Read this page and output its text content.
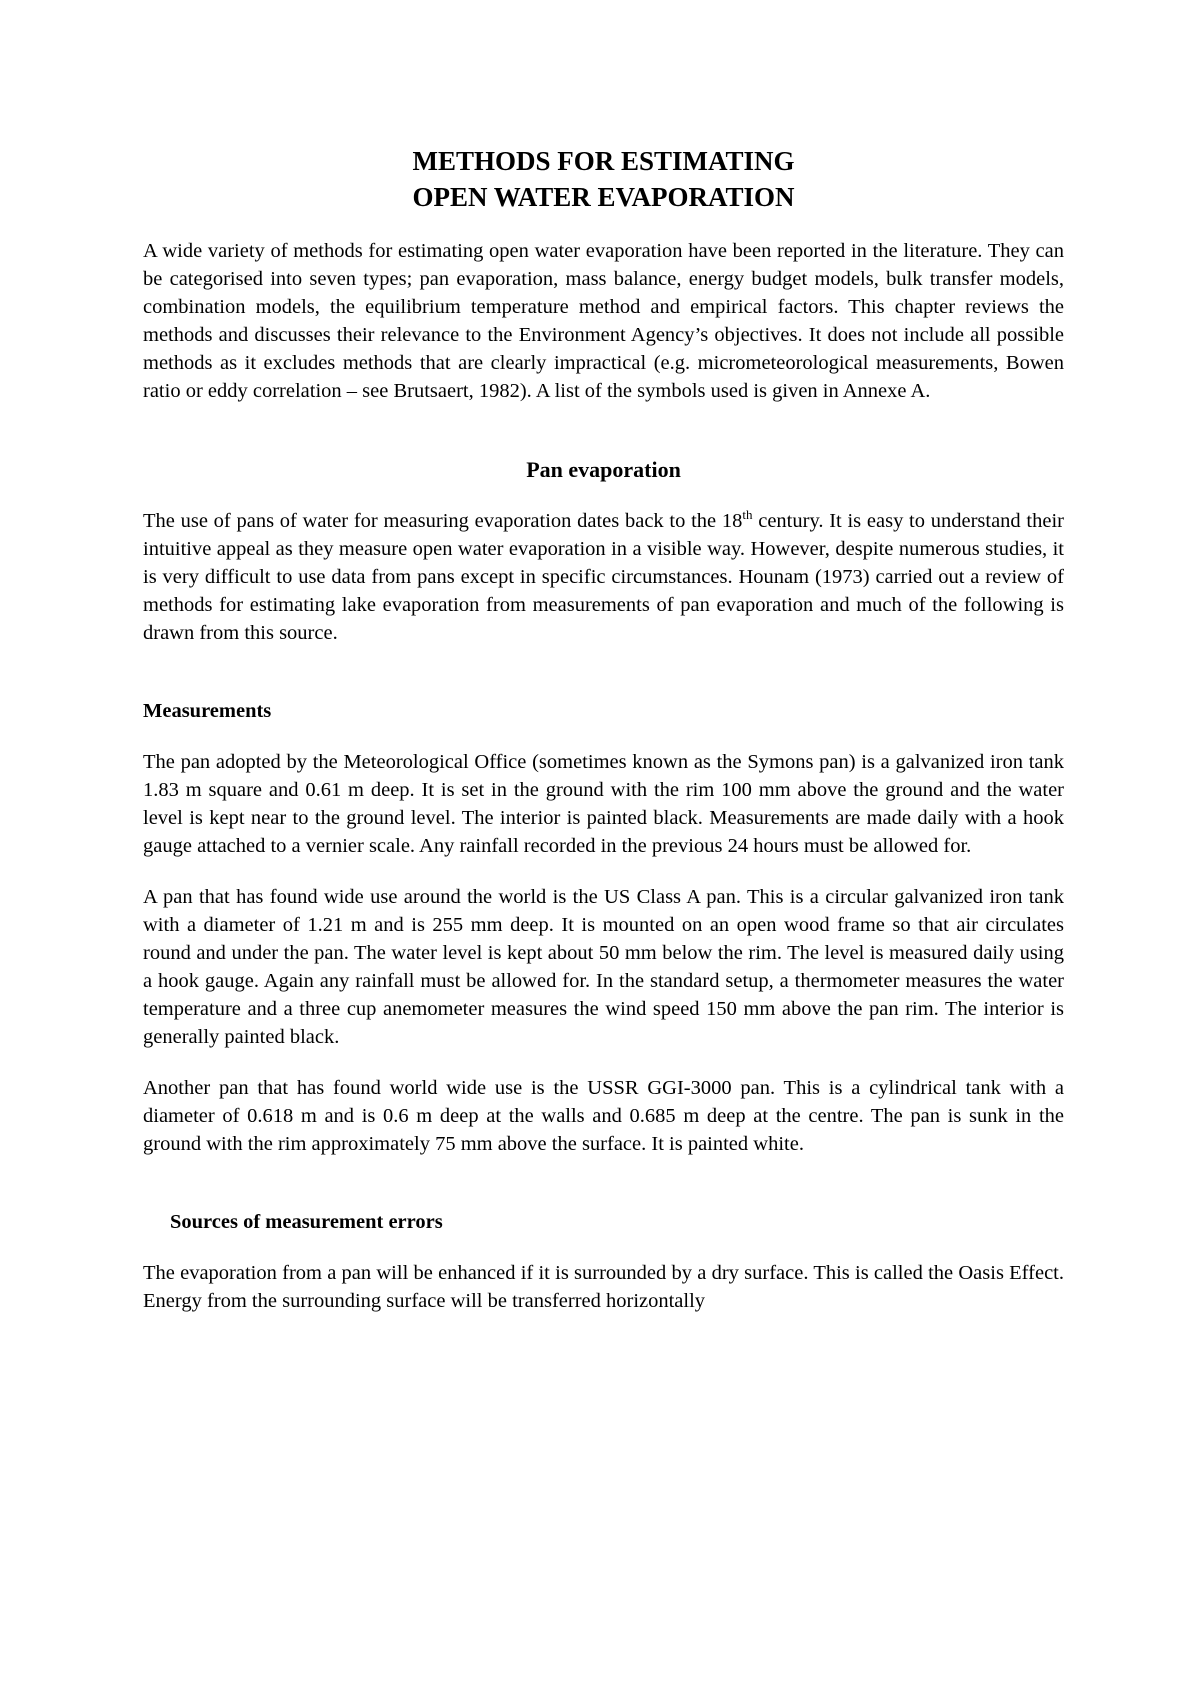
METHODS FOR ESTIMATING
OPEN WATER EVAPORATION

A wide variety of methods for estimating open water evaporation have been reported in the literature. They can be categorised into seven types; pan evaporation, mass balance, energy budget models, bulk transfer models, combination models, the equilibrium temperature method and empirical factors. This chapter reviews the methods and discusses their relevance to the Environment Agency’s objectives. It does not include all possible methods as it excludes methods that are clearly impractical (e.g. micrometeorological measurements, Bowen ratio or eddy correlation – see Brutsaert, 1982). A list of the symbols used is given in Annexe A.

Pan evaporation

The use of pans of water for measuring evaporation dates back to the 18th century. It is easy to understand their intuitive appeal as they measure open water evaporation in a visible way. However, despite numerous studies, it is very difficult to use data from pans except in specific circumstances. Hounam (1973) carried out a review of methods for estimating lake evaporation from measurements of pan evaporation and much of the following is drawn from this source.

Measurements

The pan adopted by the Meteorological Office (sometimes known as the Symons pan) is a galvanized iron tank 1.83 m square and 0.61 m deep. It is set in the ground with the rim 100 mm above the ground and the water level is kept near to the ground level. The interior is painted black. Measurements are made daily with a hook gauge attached to a vernier scale. Any rainfall recorded in the previous 24 hours must be allowed for.

A pan that has found wide use around the world is the US Class A pan. This is a circular galvanized iron tank with a diameter of 1.21 m and is 255 mm deep. It is mounted on an open wood frame so that air circulates round and under the pan. The water level is kept about 50 mm below the rim. The level is measured daily using a hook gauge. Again any rainfall must be allowed for. In the standard setup, a thermometer measures the water temperature and a three cup anemometer measures the wind speed 150 mm above the pan rim. The interior is generally painted black.

Another pan that has found world wide use is the USSR GGI-3000 pan. This is a cylindrical tank with a diameter of 0.618 m and is 0.6 m deep at the walls and 0.685 m deep at the centre. The pan is sunk in the ground with the rim approximately 75 mm above the surface. It is painted white.

Sources of measurement errors

The evaporation from a pan will be enhanced if it is surrounded by a dry surface. This is called the Oasis Effect. Energy from the surrounding surface will be transferred horizontally
